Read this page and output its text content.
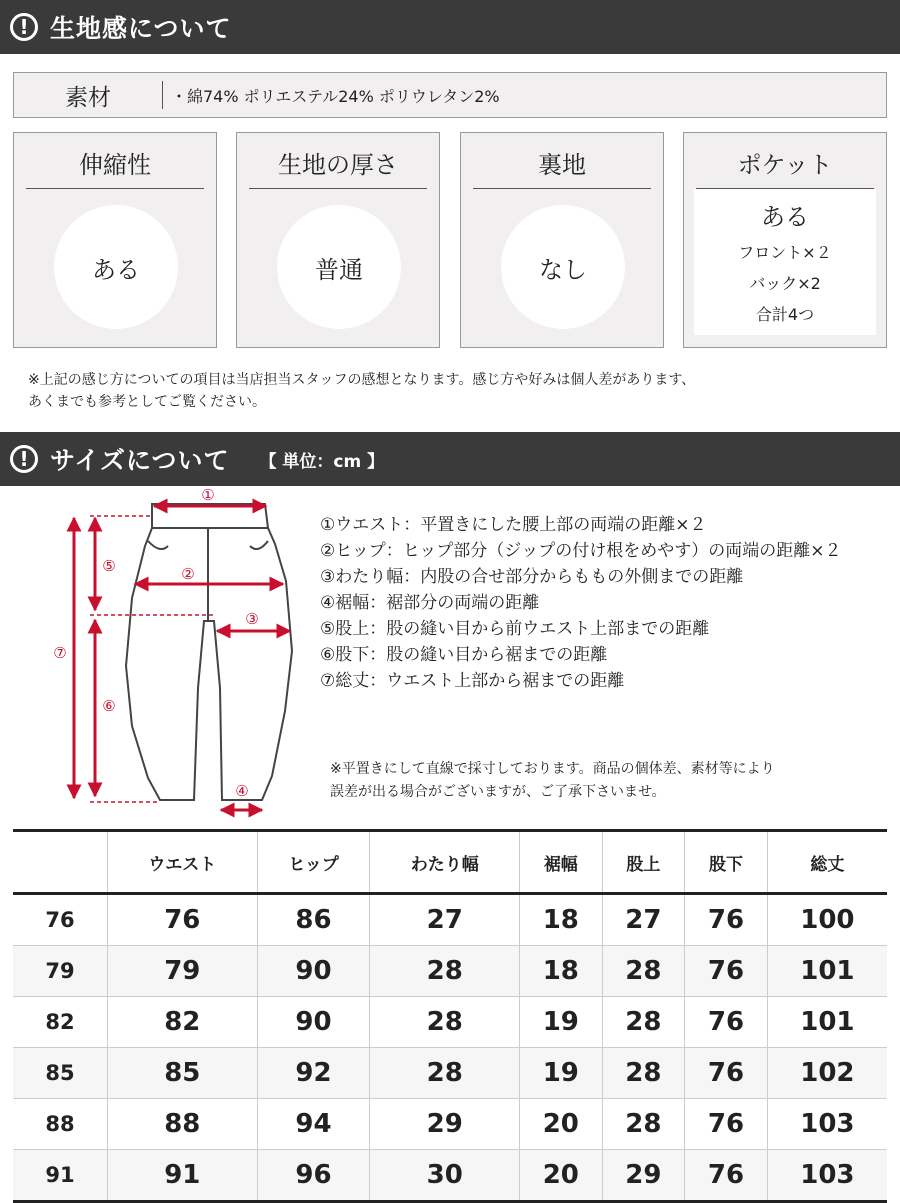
! 生地感について
素材	・綿74% ポリエステル24% ポリウレタン2%
伸縮性
ある
生地の厚さ
普通
裏地
なし
ポケット
ある
フロント×２
バック×2
合計4つ
※上記の感じ方についての項目は当店担当スタッフの感想となります。感じ方や好みは個人差があります、
あくまでも参考としてご覧ください。
! サイズについて 【 単位：cm 】
①
②
③
④
⑤
⑥
⑦
①ウエスト：平置きにした腰上部の両端の距離×２
②ヒップ：ヒップ部分（ジップの付け根をめやす）の両端の距離×２
③わたり幅：内股の合せ部分からももの外側までの距離
④裾幅：裾部分の両端の距離
⑤股上：股の縫い目から前ウエスト上部までの距離
⑥股下：股の縫い目から裾までの距離
⑦総丈：ウエスト上部から裾までの距離
※平置きにして直線で採寸しております。商品の個体差、素材等により
誤差が出る場合がございますが、ご了承下さいませ。
	ウエスト	ヒップ	わたり幅	裾幅	股上	股下	総丈
76	76	86	27	18	27	76	100
79	79	90	28	18	28	76	101
82	82	90	28	19	28	76	101
85	85	92	28	19	28	76	102
88	88	94	29	20	28	76	103
91	91	96	30	20	29	76	103
